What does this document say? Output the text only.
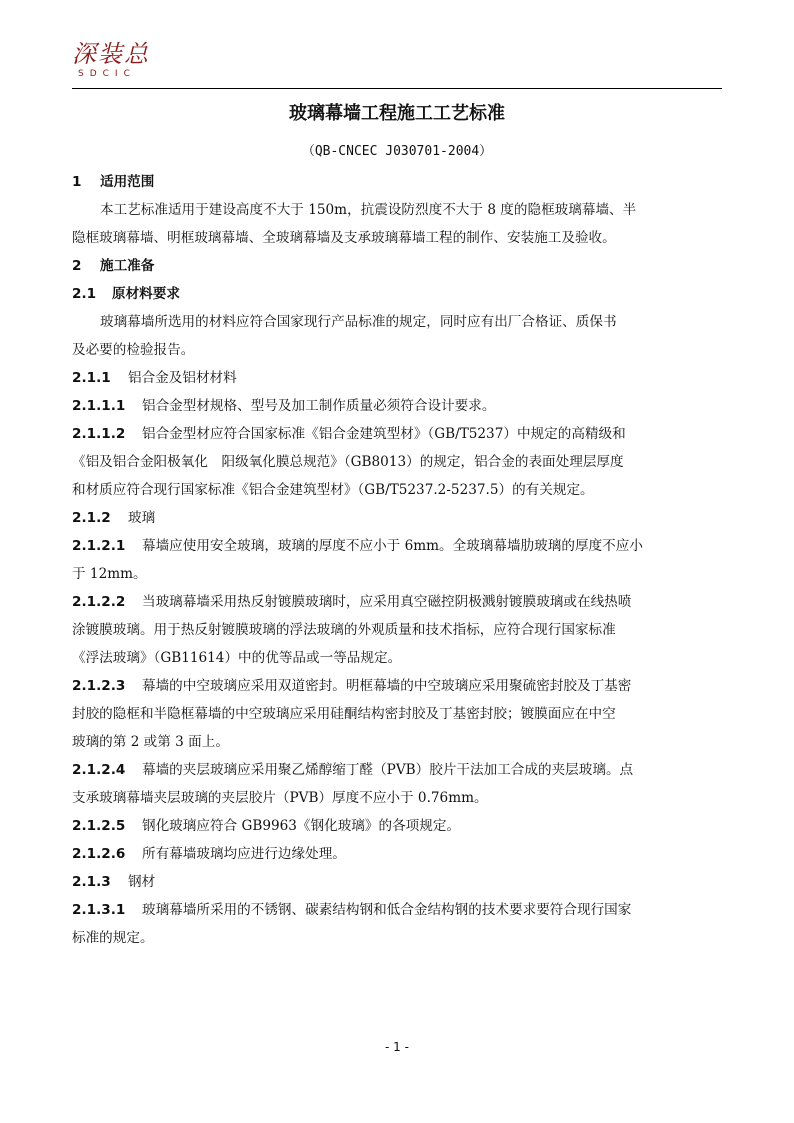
深装总
SDCIC
玻璃幕墙工程施工工艺标准
（QB-CNCEC J030701-2004）
1 适用范围
本工艺标准适用于建设高度不大于 150m，抗震设防烈度不大于 8 度的隐框玻璃幕墙、半
隐框玻璃幕墙、明框玻璃幕墙、全玻璃幕墙及支承玻璃幕墙工程的制作、安装施工及验收。
2 施工准备
2.1 原材料要求
玻璃幕墙所选用的材料应符合国家现行产品标准的规定，同时应有出厂合格证、质保书
及必要的检验报告。
2.1.1 铝合金及铝材材料
2.1.1.1 铝合金型材规格、型号及加工制作质量必须符合设计要求。
2.1.1.2 铝合金型材应符合国家标准《铝合金建筑型材》（GB/T5237）中规定的高精级和
《铝及铝合金阳极氧化　阳级氧化膜总规范》（GB8013）的规定，铝合金的表面处理层厚度
和材质应符合现行国家标准《铝合金建筑型材》（GB/T5237.2-5237.5）的有关规定。
2.1.2 玻璃
2.1.2.1 幕墙应使用安全玻璃，玻璃的厚度不应小于 6mm。全玻璃幕墙肋玻璃的厚度不应小
于 12mm。
2.1.2.2 当玻璃幕墙采用热反射镀膜玻璃时，应采用真空磁控阴极溅射镀膜玻璃或在线热喷
涂镀膜玻璃。用于热反射镀膜玻璃的浮法玻璃的外观质量和技术指标，应符合现行国家标准
《浮法玻璃》（GB11614）中的优等品或一等品规定。
2.1.2.3 幕墙的中空玻璃应采用双道密封。明框幕墙的中空玻璃应采用聚硫密封胶及丁基密
封胶的隐框和半隐框幕墙的中空玻璃应采用硅酮结构密封胶及丁基密封胶；镀膜面应在中空
玻璃的第 2 或第 3 面上。
2.1.2.4 幕墙的夹层玻璃应采用聚乙烯醇缩丁醛（PVB）胶片干法加工合成的夹层玻璃。点
支承玻璃幕墙夹层玻璃的夹层胶片（PVB）厚度不应小于 0.76mm。
2.1.2.5 钢化玻璃应符合 GB9963《钢化玻璃》的各项规定。
2.1.2.6 所有幕墙玻璃均应进行边缘处理。
2.1.3 钢材
2.1.3.1 玻璃幕墙所采用的不锈钢、碳素结构钢和低合金结构钢的技术要求要符合现行国家
标准的规定。
- 1 -
